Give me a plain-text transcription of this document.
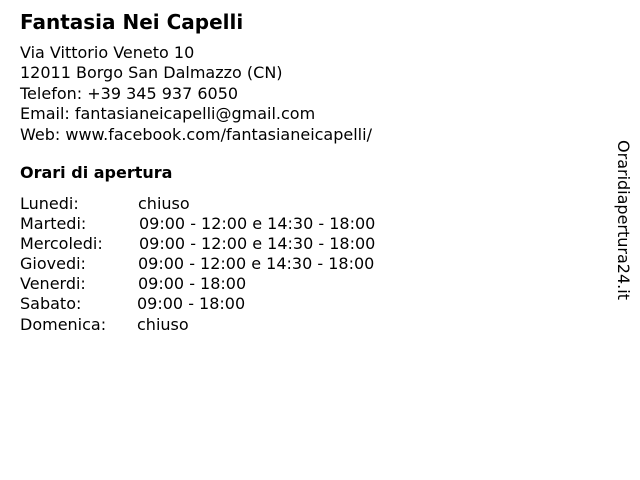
Fantasia Nei Capelli
Via Vittorio Veneto 10
12011 Borgo San Dalmazzo (CN)
Telefon: +39 345 937 6050
Email: fantasianeicapelli@gmail.com
Web: www.facebook.com/fantasianeicapelli/
Orari di apertura
Lunedi:	chiuso
Martedi:	09:00 - 12:00 e 14:30 - 18:00
Mercoledi: 09:00 - 12:00 e 14:30 - 18:00
Giovedi:	09:00 - 12:00 e 14:30 - 18:00
Venerdi:	09:00 - 18:00
Sabato:	09:00 - 18:00
Domenica: chiuso
Oraridiapertura24.it
